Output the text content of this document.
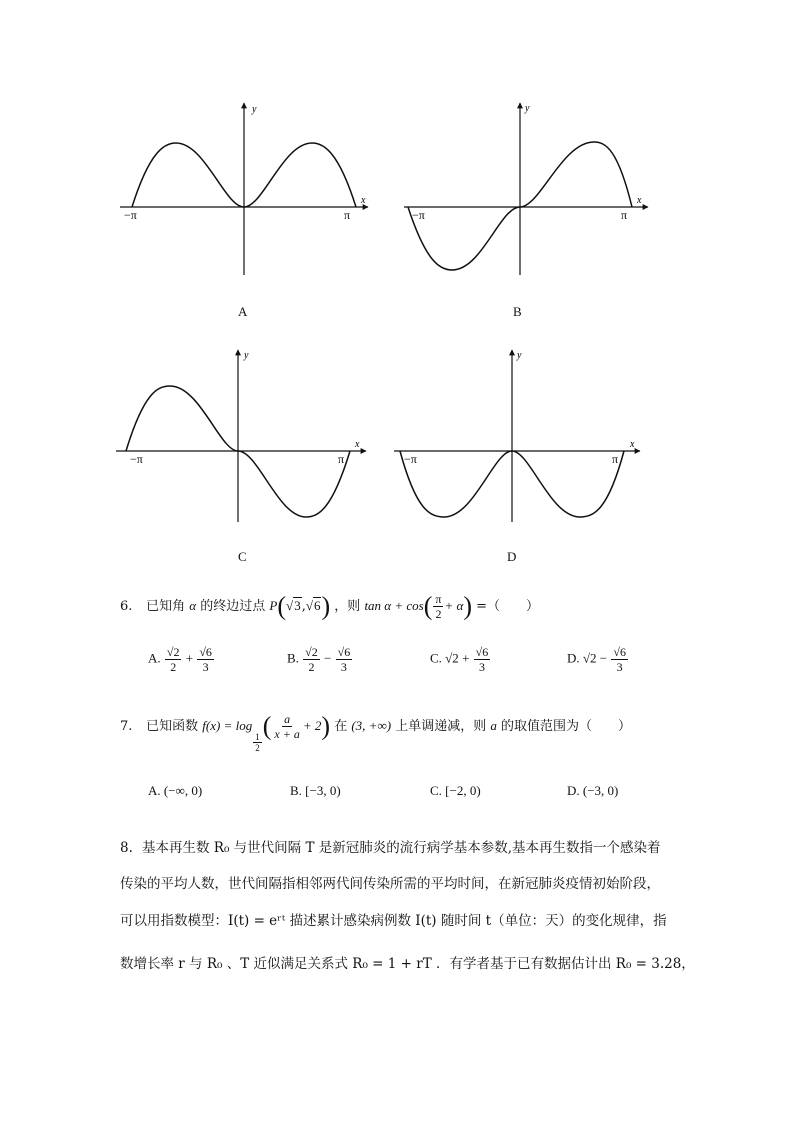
y
x
−π	π
y
x
−π	π
y
x
−π	π
y
x
−π	π
A	B
C	D
6. 已知角 α 的终边过点 P(√3,√6) ，则 $\tan \alpha + \cos( \frac{\pi}{2} + \alpha)$ =（　　）
A. $\frac{√2}{2} + \frac{√6}{3}$	B. $\frac{√2}{2} - \frac{√6}{3}$	C. $√2 + \frac{√6}{3}$	D. $√2 - \frac{√6}{3}$
7. 已知函数 f(x) = log
$\frac{1}{2}$
( $\frac{a}{x + a} + 2$) 在 (3, +∞) 上单调递减，则 a 的取值范围为（　　）
A. (−∞, 0)	B. [−3, 0)	C. [−2, 0)	D. (−3, 0)
8. 基本再生数 R₀ 与世代间隔 T 是新冠肺炎的流行病学基本参数,基本再生数指一个感染着
传染的平均人数，世代间隔指相邻两代间传染所需的平均时间，在新冠肺炎疫情初始阶段，
可以用指数模型：I(t) = eʳᵗ 描述累计感染病例数 I(t) 随时间 t（单位：天）的变化规律，指
数增长率 r 与 R₀ 、T 近似满足关系式 R₀ = 1 + rT ．有学者基于已有数据估计出 R₀ = 3.28，
